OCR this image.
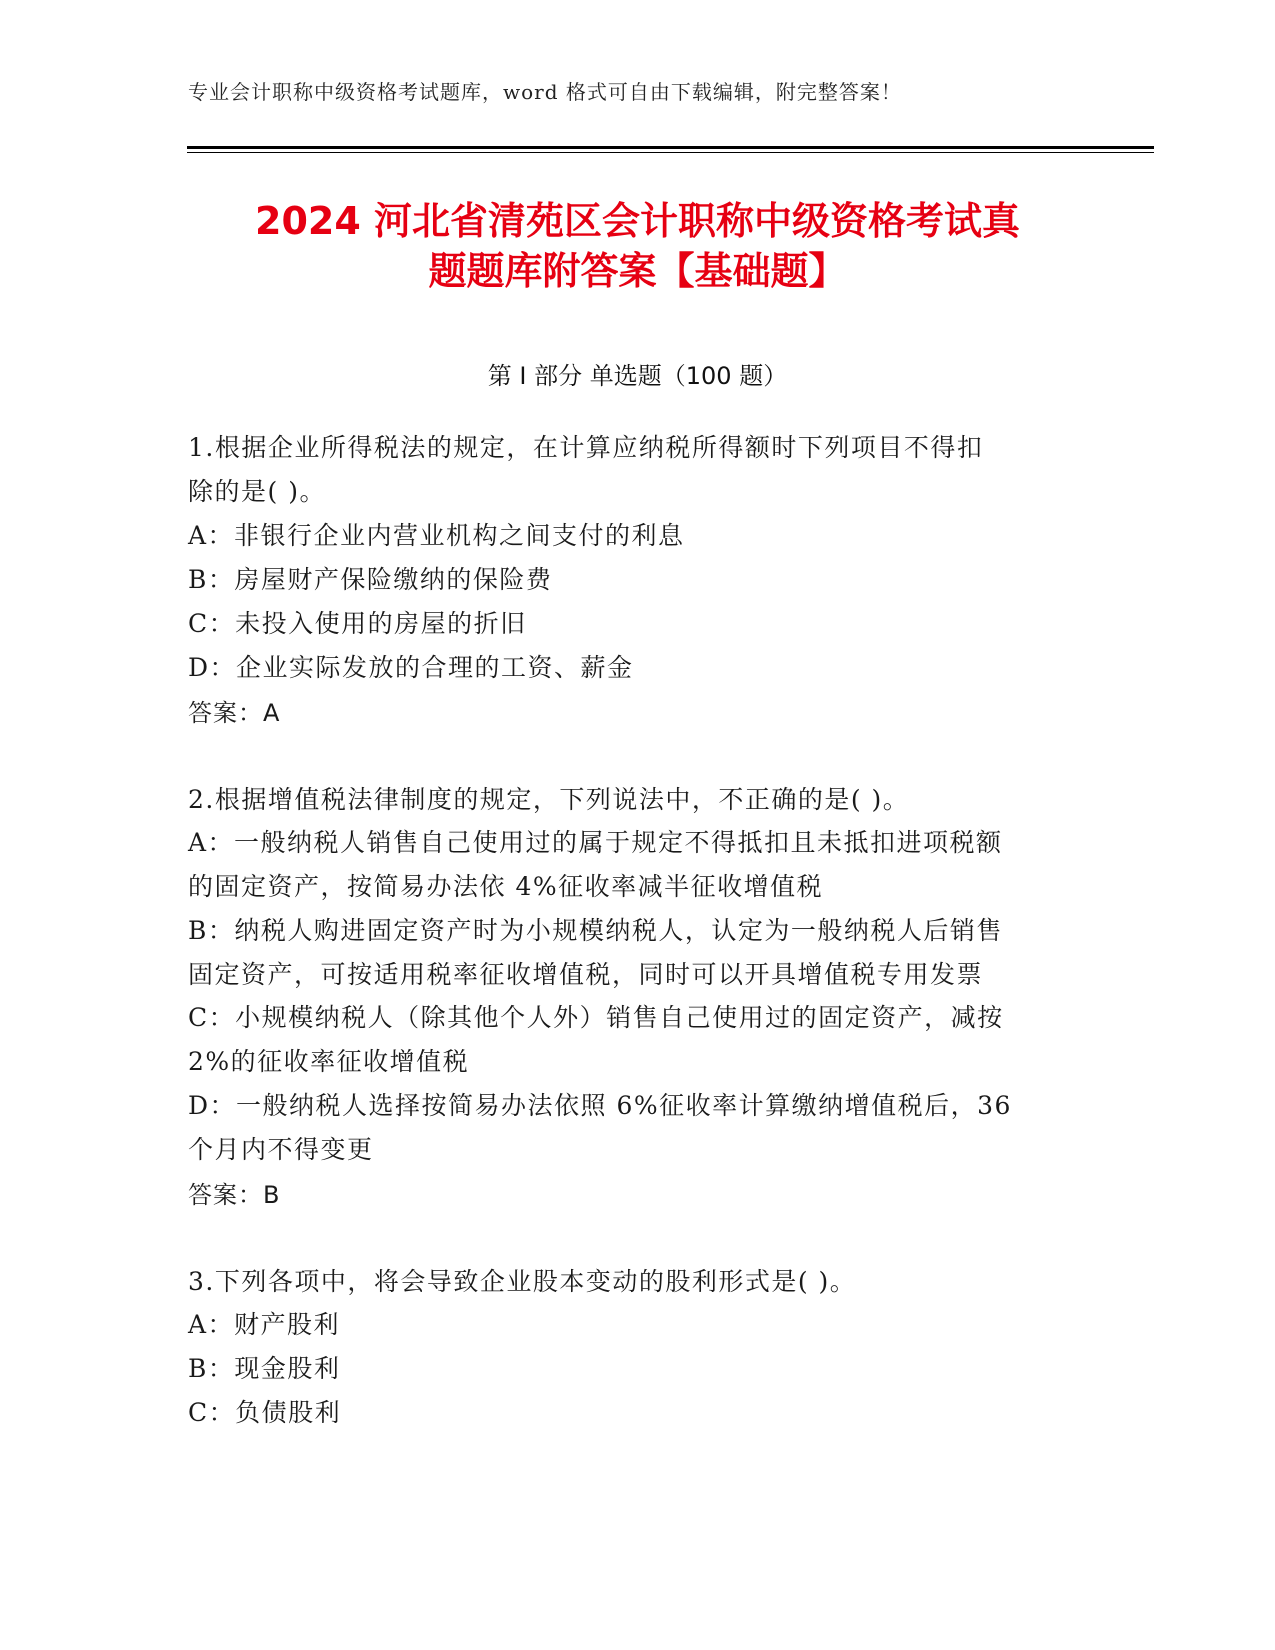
专业会计职称中级资格考试题库，word 格式可自由下载编辑，附完整答案！
2024 河北省清苑区会计职称中级资格考试真
题题库附答案【基础题】
第 I 部分 单选题（100 题）
1.根据企业所得税法的规定，在计算应纳税所得额时下列项目不得扣
除的是( )。
A：非银行企业内营业机构之间支付的利息
B：房屋财产保险缴纳的保险费
C：未投入使用的房屋的折旧
D：企业实际发放的合理的工资、薪金
答案：A
2.根据增值税法律制度的规定，下列说法中，不正确的是( )。
A：一般纳税人销售自己使用过的属于规定不得抵扣且未抵扣进项税额
的固定资产，按简易办法依 4%征收率减半征收增值税
B：纳税人购进固定资产时为小规模纳税人，认定为一般纳税人后销售
固定资产，可按适用税率征收增值税，同时可以开具增值税专用发票
C：小规模纳税人（除其他个人外）销售自己使用过的固定资产，减按
2%的征收率征收增值税
D：一般纳税人选择按简易办法依照 6%征收率计算缴纳增值税后，36
个月内不得变更
答案：B
3.下列各项中，将会导致企业股本变动的股利形式是( )。
A：财产股利
B：现金股利
C：负债股利
